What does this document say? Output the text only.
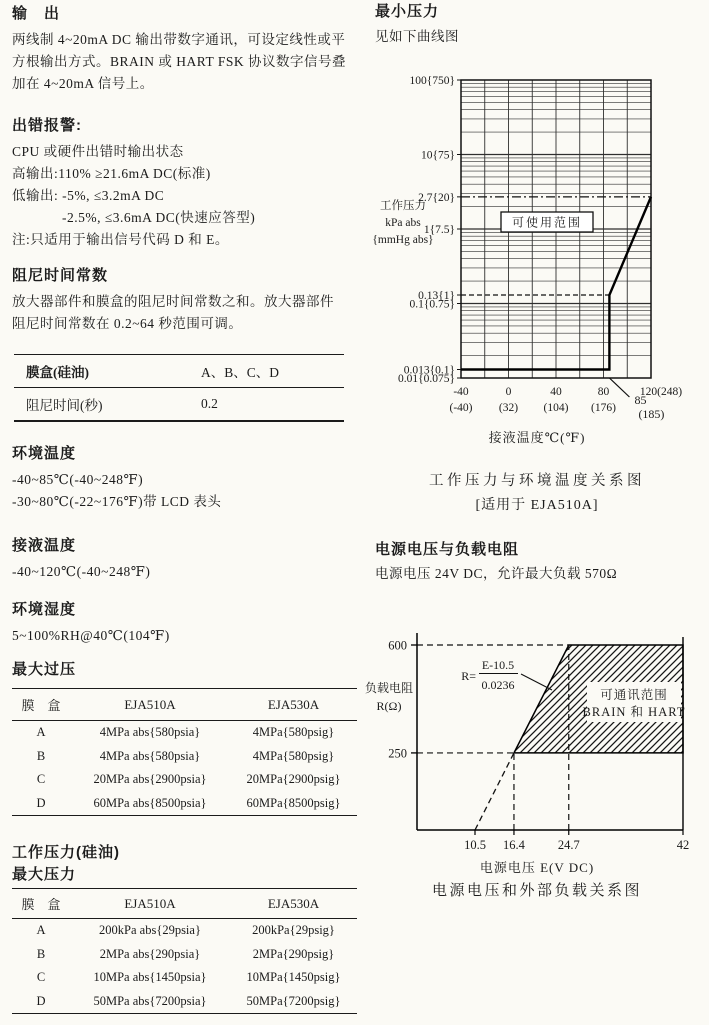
输　出
两线制 4~20mA DC 输出带数字通讯，可设定线性或平
方根输出方式。BRAIN 或 HART FSK 协议数字信号叠
加在 4~20mA 信号上。
出错报警:
CPU 或硬件出错时输出状态
高输出:110% ≥21.6mA DC(标准)
低输出: -5%, ≤3.2mA DC
-2.5%, ≤3.6mA DC(快速应答型)
注:只适用于输出信号代码 D 和 E。
阻尼时间常数
放大器部件和膜盒的阻尼时间常数之和。放大器部件
阻尼时间常数在 0.2~64 秒范围可调。
膜盒(硅油)	A、B、C、D
阻尼时间(秒)	0.2
环境温度
-40~85℃(-40~248℉)
-30~80℃(-22~176℉)带 LCD 表头
接液温度
-40~120℃(-40~248℉)
环境湿度
5~100%RH@40℃(104℉)
最大过压
膜　盒	EJA510A	EJA530A
A	4MPa abs{580psia}	4MPa{580psig}
B	4MPa abs{580psia}	4MPa{580psig}
C	20MPa abs{2900psia}	20MPa{2900psig}
D	60MPa abs{8500psia}	60MPa{8500psig}
工作压力(硅油)
最大压力
膜　盒	EJA510A	EJA530A
A	200kPa abs{29psia}	200kPa{29psig}
B	2MPa abs{290psia}	2MPa{290psig}
C	10MPa abs{1450psia}	10MPa{1450psig}
D	50MPa abs{7200psia}	50MPa{7200psig}
最小压力
见如下曲线图
100{750}
10{75}
2.7{20}
1{7.5}
0.13{1}
0.1{0.75}
0.013{0.1}
0.01{0.075}
-40
(-40)
0
(32)
40
(104)
80
(176)
120(248)
可使用范围
85
(185)
工作压力
kPa abs
{mmHg abs}
接液温度℃(℉)
工作压力与环境温度关系图
[适用于 EJA510A]
电源电压与负载电阻
电源电压 24V DC，允许最大负载 570Ω
可通讯范围
BRAIN 和 HART
600
250
10.5 16.4	24.7	42
R=
E-10.5
0.0236
负载电阻
R(Ω)
电源电压 E(V DC)
电源电压和外部负载关系图
